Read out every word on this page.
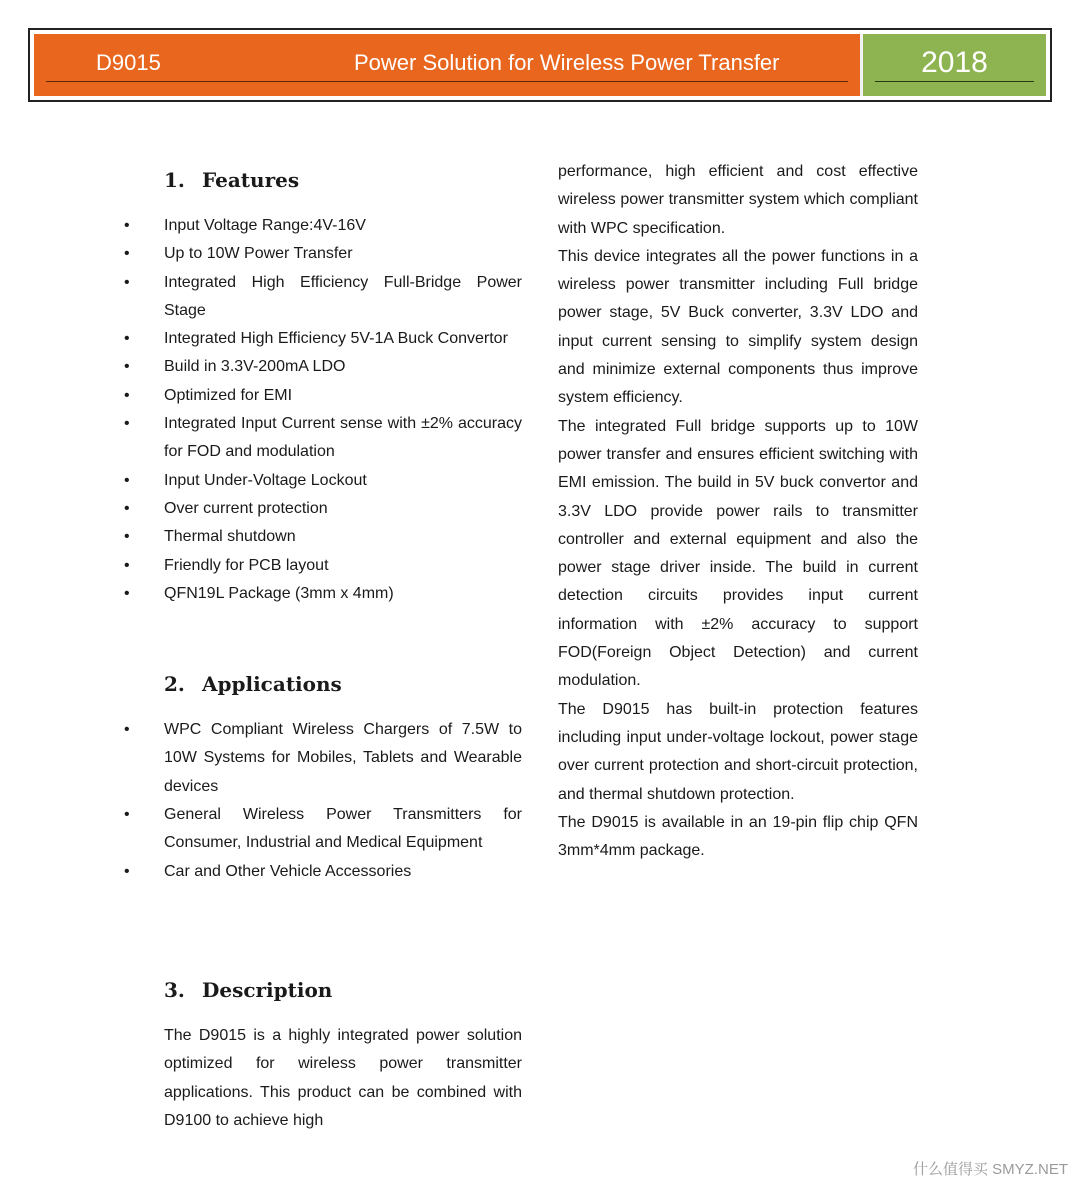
D9015	Power Solution for Wireless Power Transfer	2018
1. Features
• Input Voltage Range:4V-16V
• Up to 10W Power Transfer
• Integrated High Efficiency Full-Bridge Power Stage
• Integrated High Efficiency 5V-1A Buck Convertor
• Build in 3.3V-200mA LDO
• Optimized for EMI
• Integrated Input Current sense with ±2% accuracy for FOD and modulation
• Input Under-Voltage Lockout
• Over current protection
• Thermal shutdown
• Friendly for PCB layout
• QFN19L Package (3mm x 4mm)
2. Applications
• WPC Compliant Wireless Chargers of 7.5W to 10W Systems for Mobiles, Tablets and Wearable devices
• General Wireless Power Transmitters for Consumer, Industrial and Medical Equipment
• Car and Other Vehicle Accessories
3. Description

The D9015 is a highly integrated power solution optimized for wireless power transmitter applications. This product can be combined with D9100 to achieve high

performance, high efficient and cost effective wireless power transmitter system which compliant with WPC specification.

This device integrates all the power functions in a wireless power transmitter including Full bridge power stage, 5V Buck converter, 3.3V LDO and input current sensing to simplify system design and minimize external components thus improve system efficiency.

The integrated Full bridge supports up to 10W power transfer and ensures efficient switching with EMI emission. The build in 5V buck convertor and 3.3V LDO provide power rails to transmitter controller and external equipment and also the power stage driver inside. The build in current detection circuits provides input current information with ±2% accuracy to support FOD(Foreign Object Detection) and current modulation.

The D9015 has built-in protection features including input under-voltage lockout, power stage over current protection and short-circuit protection, and thermal shutdown protection.

The D9015 is available in an 19-pin flip chip QFN 3mm*4mm package.

什么值得买 SMYZ.NET
